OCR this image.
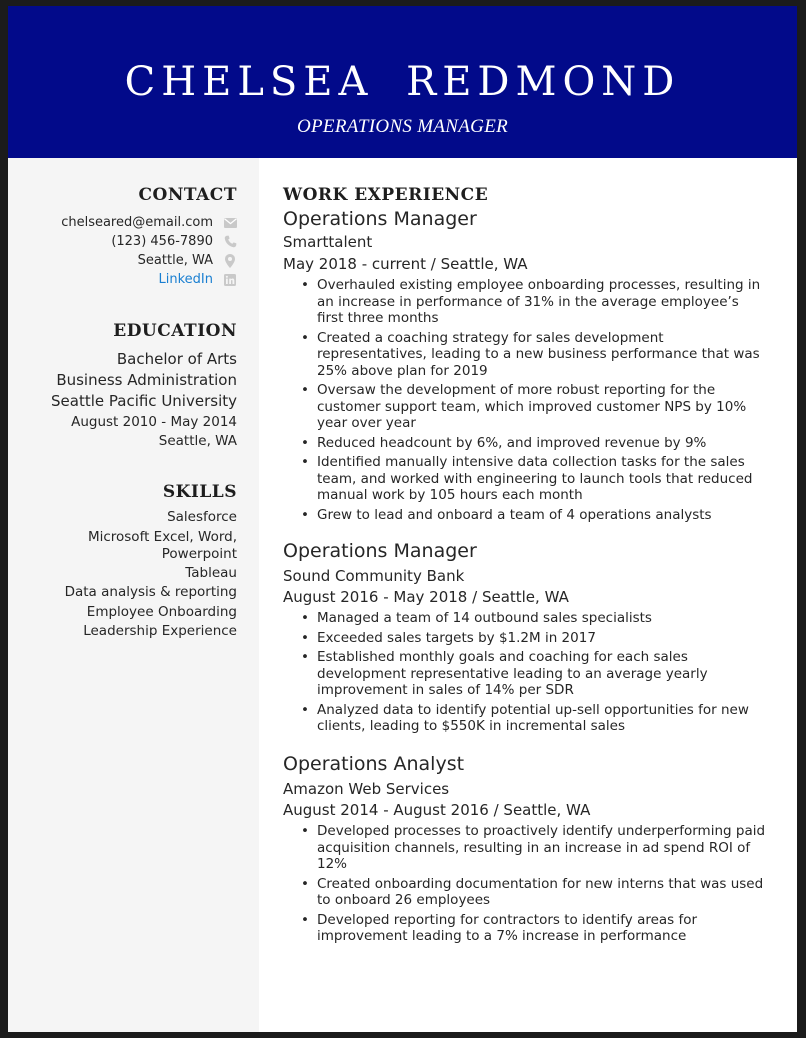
CHELSEA REDMOND
OPERATIONS MANAGER
CONTACT
chelseared@email.com
(123) 456-7890
Seattle, WA
LinkedIn
EDUCATION
Bachelor of Arts
Business Administration
Seattle Pacific University
August 2010 - May 2014
Seattle, WA
SKILLS
Salesforce
Microsoft Excel, Word,
Powerpoint
Tableau
Data analysis & reporting
Employee Onboarding
Leadership Experience
WORK EXPERIENCE
Operations Manager
Smarttalent
May 2018 - current / Seattle, WA
• Overhauled existing employee onboarding processes, resulting in an increase in performance of 31% in the average employee’s first three months
• Created a coaching strategy for sales development representatives, leading to a new business performance that was 25% above plan for 2019
• Oversaw the development of more robust reporting for the customer support team, which improved customer NPS by 10% year over year
• Reduced headcount by 6%, and improved revenue by 9%
• Identified manually intensive data collection tasks for the sales team, and worked with engineering to launch tools that reduced manual work by 105 hours each month
• Grew to lead and onboard a team of 4 operations analysts
Operations Manager
Sound Community Bank
August 2016 - May 2018 / Seattle, WA
• Managed a team of 14 outbound sales specialists
• Exceeded sales targets by $1.2M in 2017
• Established monthly goals and coaching for each sales development representative leading to an average yearly improvement in sales of 14% per SDR
• Analyzed data to identify potential up-sell opportunities for new clients, leading to $550K in incremental sales
Operations Analyst
Amazon Web Services
August 2014 - August 2016 / Seattle, WA
• Developed processes to proactively identify underperforming paid acquisition channels, resulting in an increase in ad spend ROI of 12%
• Created onboarding documentation for new interns that was used to onboard 26 employees
• Developed reporting for contractors to identify areas for improvement leading to a 7% increase in performance
